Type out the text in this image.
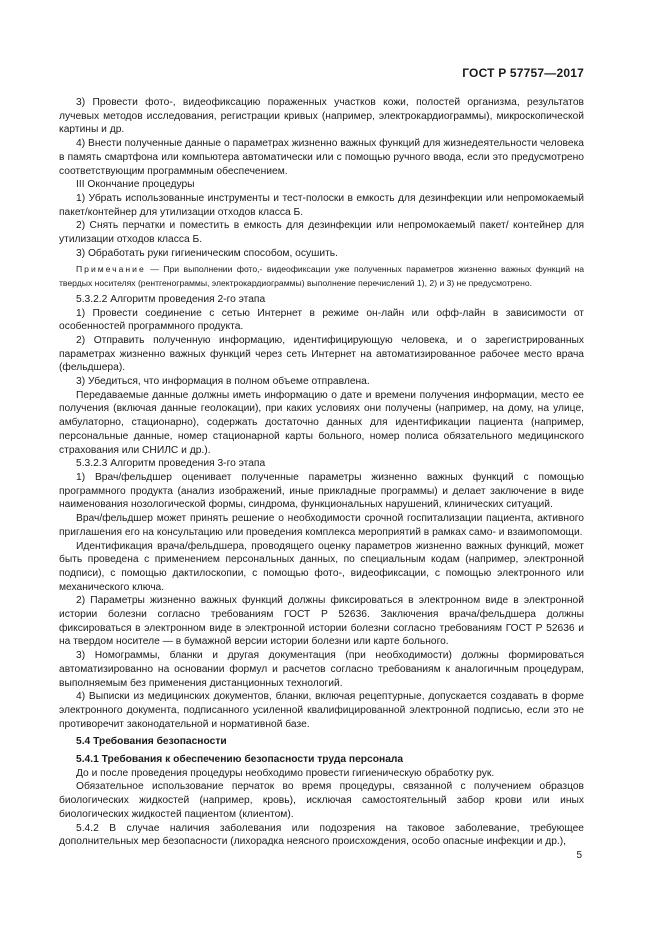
ГОСТ Р 57757—2017

3) Провести фото-, видеофиксацию пораженных участков кожи, полостей организма, результатов лучевых методов исследования, регистрации кривых (например, электрокардиограммы), микроскопической картины и др.

4) Внести полученные данные о параметрах жизненно важных функций для жизнедеятельности человека в память смартфона или компьютера автоматически или с помощью ручного ввода, если это предусмотрено соответствующим программным обеспечением.

III Окончание процедуры

1) Убрать использованные инструменты и тест-полоски в емкость для дезинфекции или непромокаемый пакет/контейнер для утилизации отходов класса Б.

2) Снять перчатки и поместить в емкость для дезинфекции или непромокаемый пакет/ контейнер для утилизации отходов класса Б.

3) Обработать руки гигиеническим способом, осушить.

Примечание — При выполнении фото,- видеофиксации уже полученных параметров жизненно важных функций на твердых носителях (рентгенограммы, электрокардиограммы) выполнение перечислений 1), 2) и 3) не предусмотрено.

5.3.2.2 Алгоритм проведения 2-го этапа

1) Провести соединение с сетью Интернет в режиме он-лайн или офф-лайн в зависимости от особенностей программного продукта.

2) Отправить полученную информацию, идентифицирующую человека, и о зарегистрированных параметрах жизненно важных функций через сеть Интернет на автоматизированное рабочее место врача (фельдшера).

3) Убедиться, что информация в полном объеме отправлена.

Передаваемые данные должны иметь информацию о дате и времени получения информации, место ее получения (включая данные геолокации), при каких условиях они получены (например, на дому, на улице, амбулаторно, стационарно), содержать достаточно данных для идентификации пациента (например, персональные данные, номер стационарной карты больного, номер полиса обязательного медицинского страхования или СНИЛС и др.).

5.3.2.3 Алгоритм проведения 3-го этапа

1) Врач/фельдшер оценивает полученные параметры жизненно важных функций с помощью программного продукта (анализ изображений, иные прикладные программы) и делает заключение в виде наименования нозологической формы, синдрома, функциональных нарушений, клинических ситуаций.

Врач/фельдшер может принять решение о необходимости срочной госпитализации пациента, активного приглашения его на консультацию или проведения комплекса мероприятий в рамках само- и взаимопомощи.

Идентификация врача/фельдшера, проводящего оценку параметров жизненно важных функций, может быть проведена с применением персональных данных, по специальным кодам (например, электронной подписи), с помощью дактилоскопии, с помощью фото-, видеофиксации, с помощью электронного или механического ключа.

2) Параметры жизненно важных функций должны фиксироваться в электронном виде в электронной истории болезни согласно требованиям ГОСТ Р 52636. Заключения врача/фельдшера должны фиксироваться в электронном виде в электронной истории болезни согласно требованиям ГОСТ Р 52636 и на твердом носителе — в бумажной версии истории болезни или карте больного.

3) Номограммы, бланки и другая документация (при необходимости) должны формироваться автоматизированно на основании формул и расчетов согласно требованиям к аналогичным процедурам, выполняемым без применения дистанционных технологий.

4) Выписки из медицинских документов, бланки, включая рецептурные, допускается создавать в форме электронного документа, подписанного усиленной квалифицированной электронной подписью, если это не противоречит законодательной и нормативной базе.

5.4 Требования безопасности

5.4.1 Требования к обеспечению безопасности труда персонала

До и после проведения процедуры необходимо провести гигиеническую обработку рук.

Обязательное использование перчаток во время процедуры, связанной с получением образцов биологических жидкостей (например, кровь), исключая самостоятельный забор крови или иных биологических жидкостей пациентом (клиентом).

5.4.2 В случае наличия заболевания или подозрения на таковое заболевание, требующее дополнительных мер безопасности (лихорадка неясного происхождения, особо опасные инфекции и др.),

5
